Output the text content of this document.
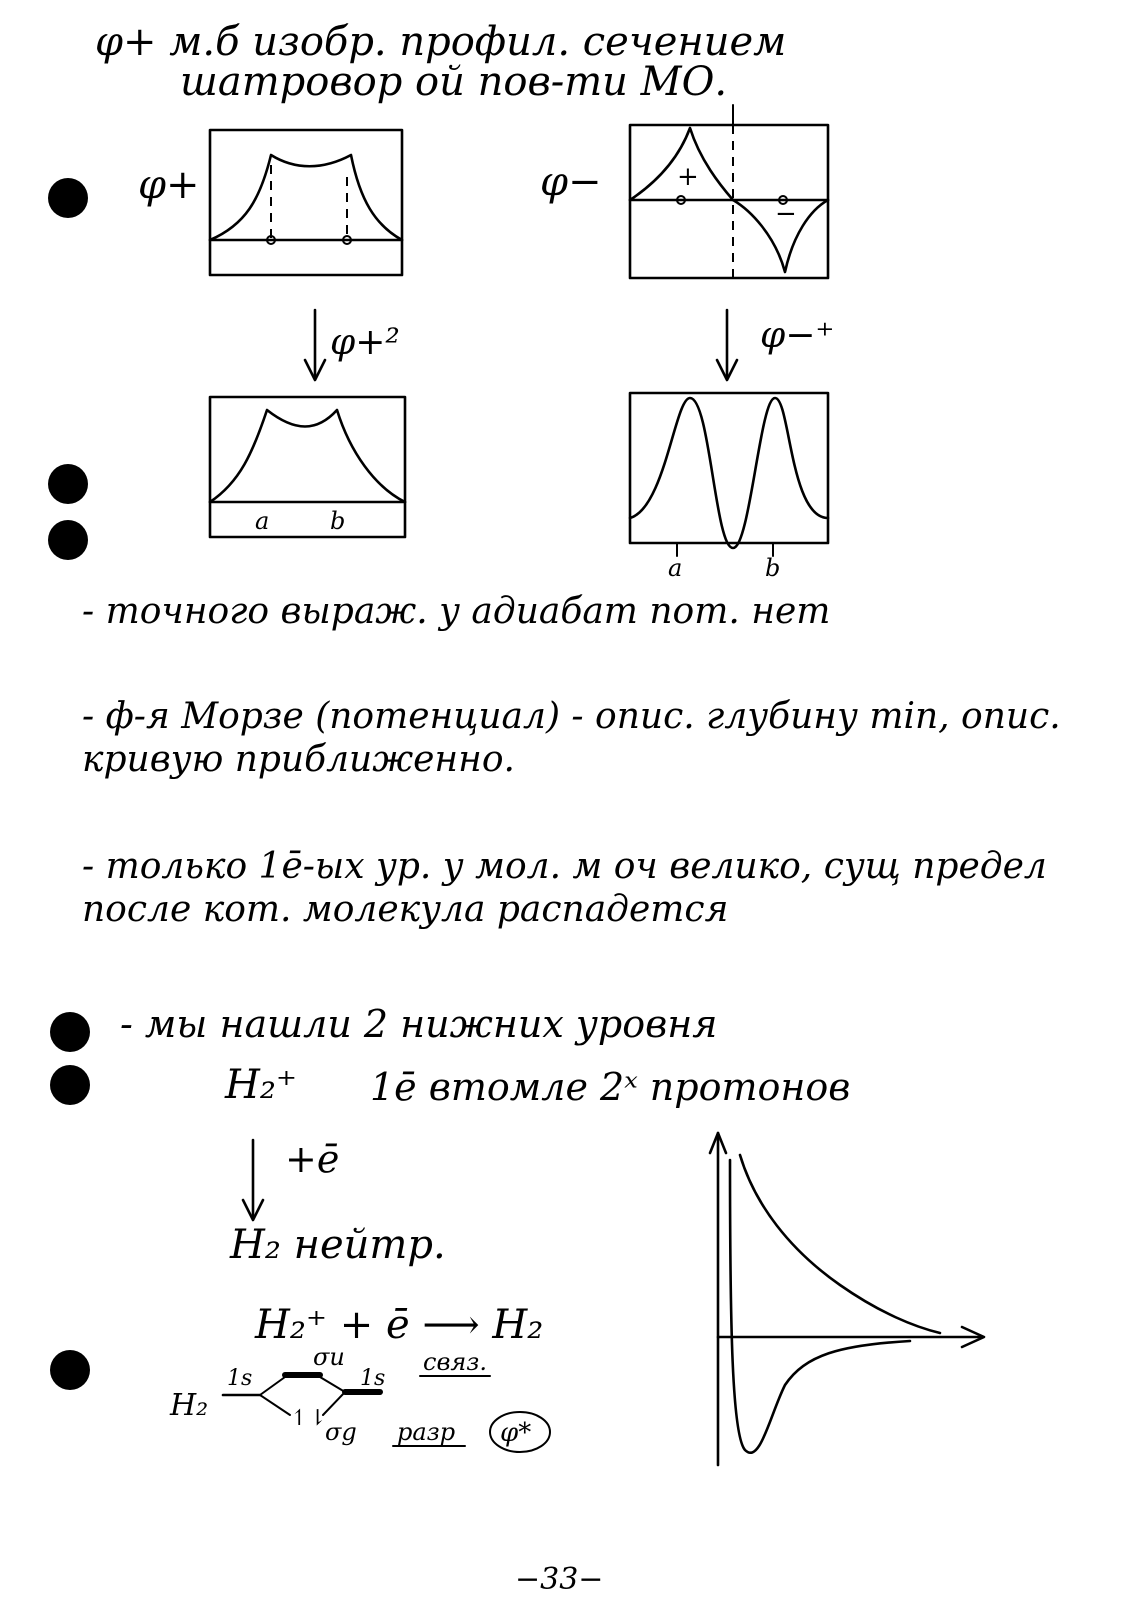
φ+ м.б изобр. профил. сечением
шатровор ой пов-ти МО.
φ+	φ−	+
−
φ+²	φ−⁺
a	b
a	b
- точного выраж. у адиабат пот. нет
- ф-я Морзе (потенциал) - опис. глубину min, опис. кривую приближенно.
- только 1ē-ых ур. у мол. м оч велико, сущ предел после кот. молекула распадется
- мы нашли 2 нижних уровня
H₂⁺ 1ē втомле 2ˣ протонов
+ē
H₂ нейтр.
H₂⁺ + ē ⟶ H₂
H₂
1s
σu
1s
↿⇂
σg
связ.
разр φ*
−33−
